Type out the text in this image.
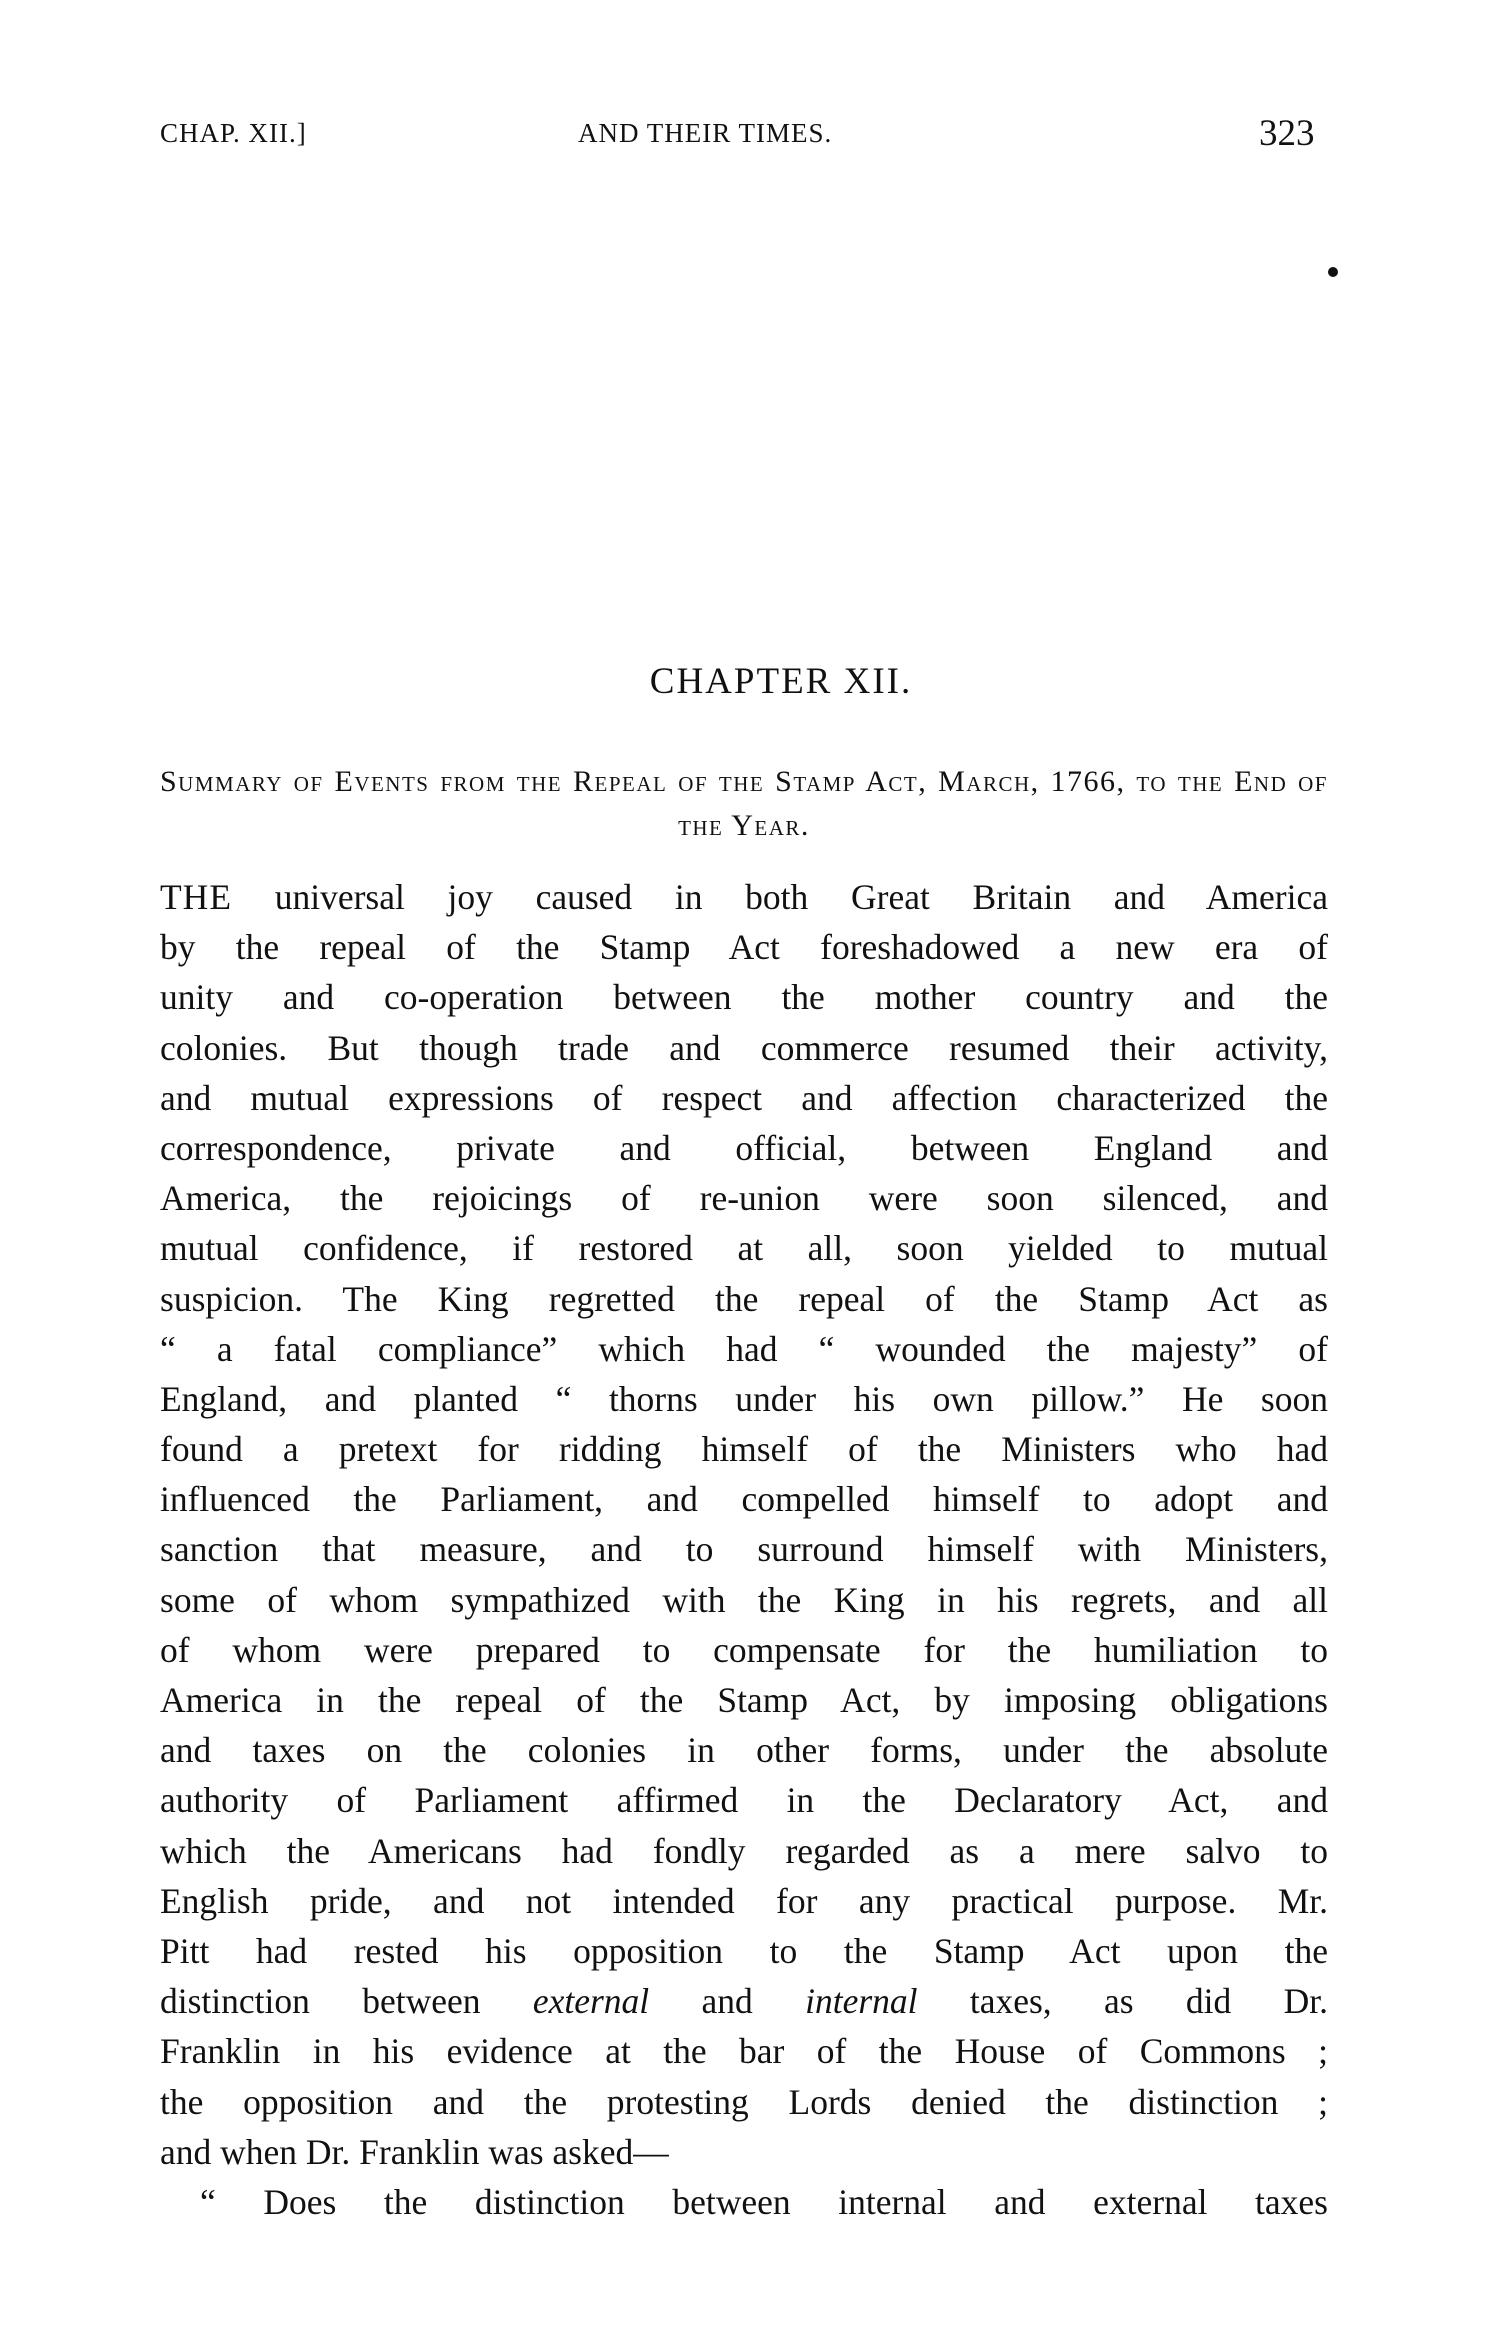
CHAP. XII.]	AND THEIR TIMES.	323
CHAPTER XII.
Summary of Events from the Repeal of the Stamp Act, March, 1766, to the End of the Year.
THE universal joy caused in both Great Britain and America
by the repeal of the Stamp Act foreshadowed a new era of
unity and co-operation between the mother country and the
colonies. But though trade and commerce resumed their activity,
and mutual expressions of respect and affection characterized the
correspondence, private and official, between England and
America, the rejoicings of re-union were soon silenced, and
mutual confidence, if restored at all, soon yielded to mutual
suspicion. The King regretted the repeal of the Stamp Act as
“ a fatal compliance” which had “ wounded the majesty” of
England, and planted “ thorns under his own pillow.” He soon
found a pretext for ridding himself of the Ministers who had
influenced the Parliament, and compelled himself to adopt and
sanction that measure, and to surround himself with Ministers,
some of whom sympathized with the King in his regrets, and all
of whom were prepared to compensate for the humiliation to
America in the repeal of the Stamp Act, by imposing obligations
and taxes on the colonies in other forms, under the absolute
authority of Parliament affirmed in the Declaratory Act, and
which the Americans had fondly regarded as a mere salvo to
English pride, and not intended for any practical purpose. Mr.
Pitt had rested his opposition to the Stamp Act upon the
distinction between external and internal taxes, as did Dr.
Franklin in his evidence at the bar of the House of Commons ;
the opposition and the protesting Lords denied the distinction ;
and when Dr. Franklin was asked—
“ Does the distinction between internal and external taxes
